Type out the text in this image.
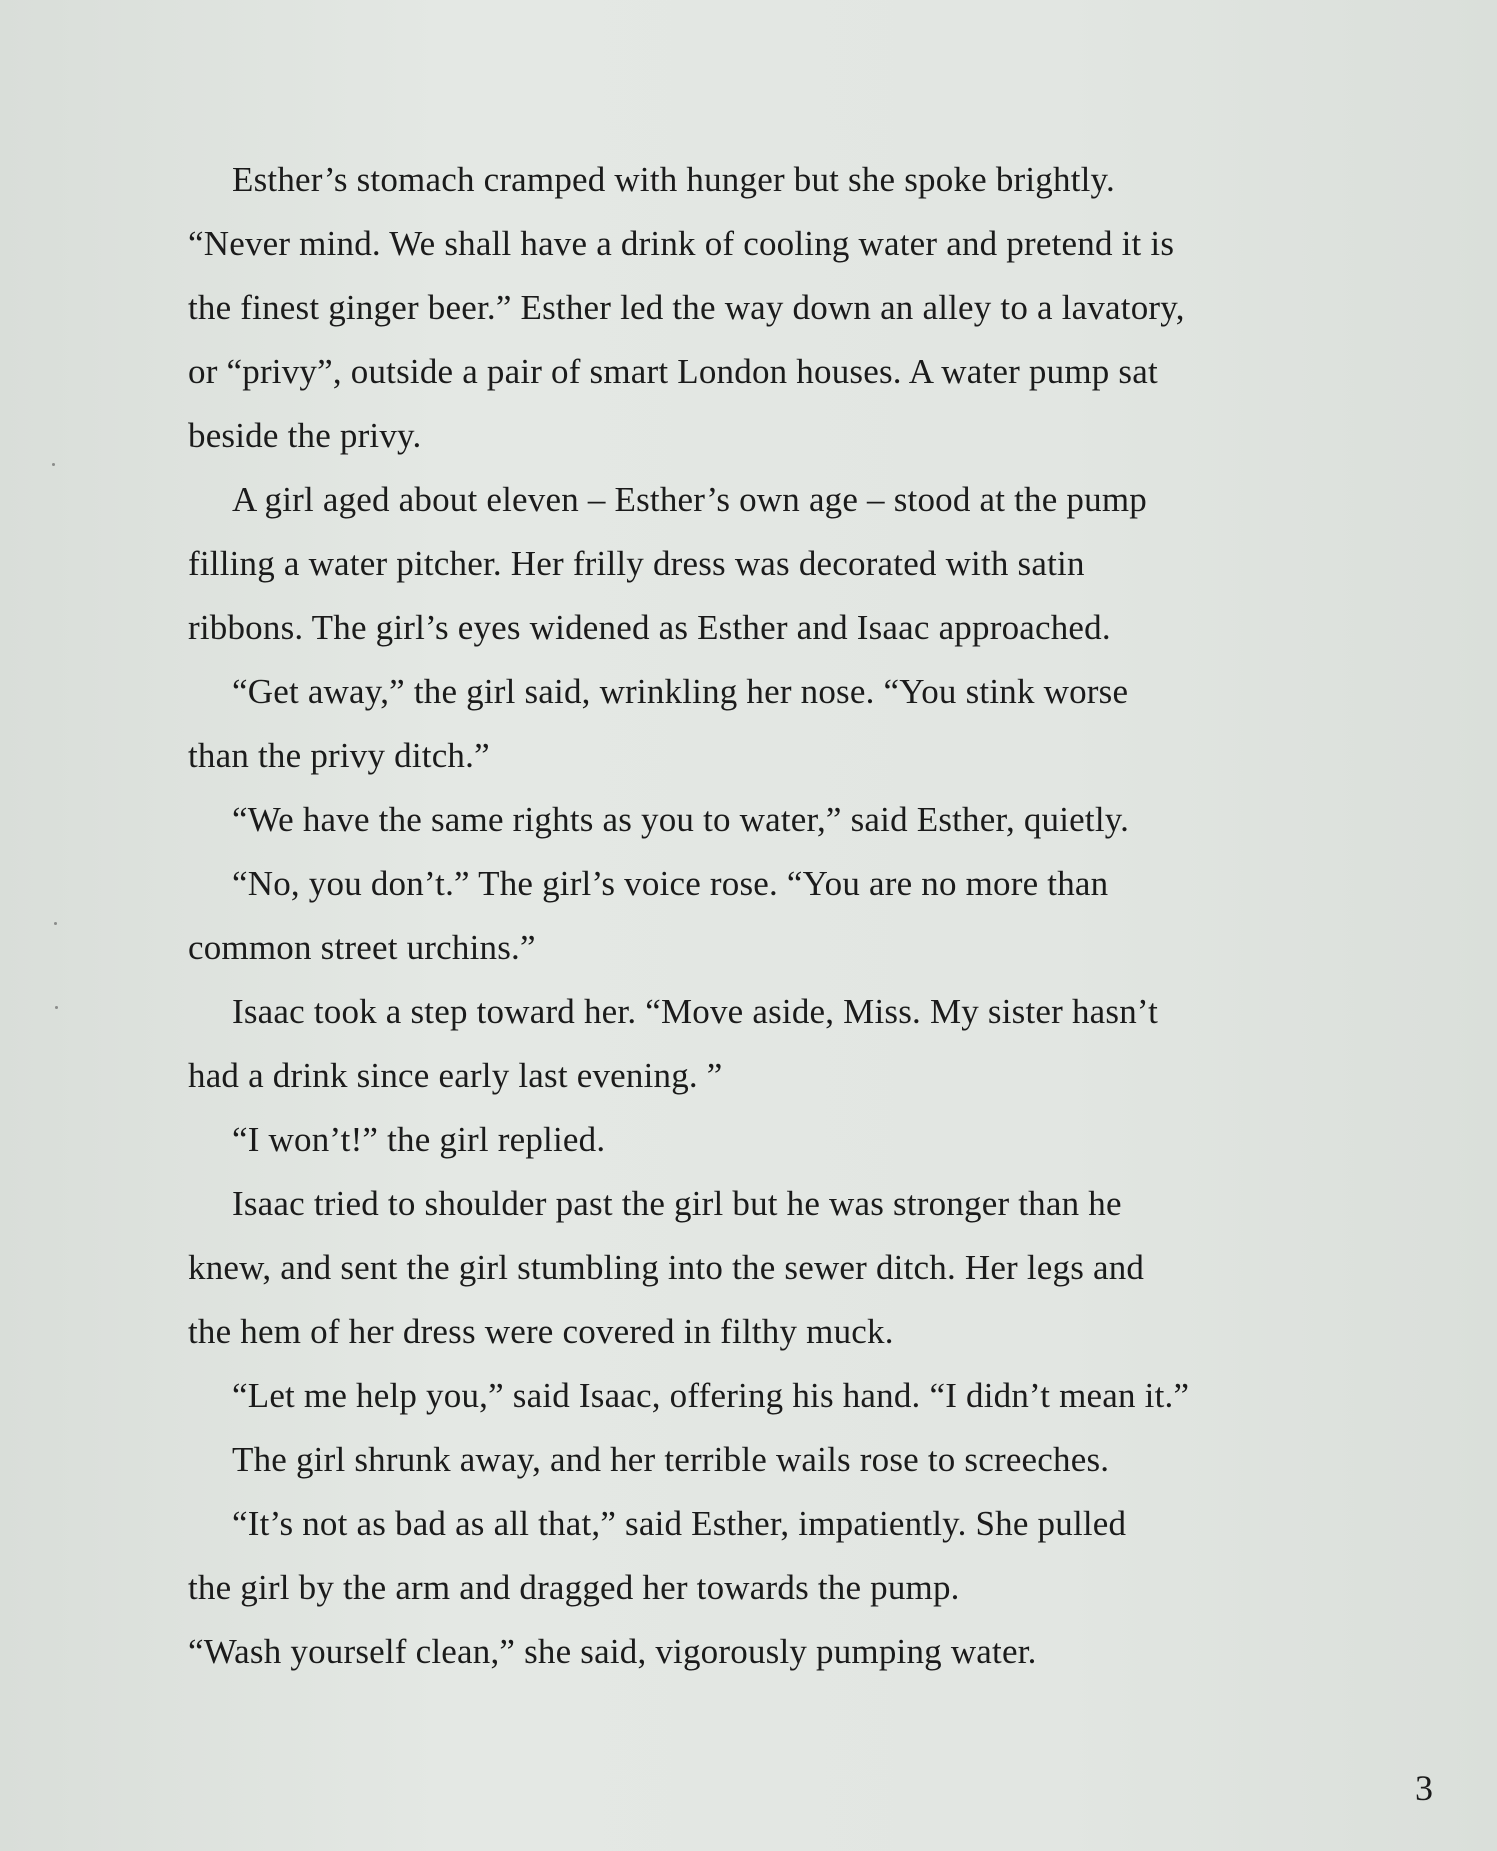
Esther’s stomach cramped with hunger but she spoke brightly.
“Never mind. We shall have a drink of cooling water and pretend it is
the finest ginger beer.” Esther led the way down an alley to a lavatory,
or “privy”, outside a pair of smart London houses. A water pump sat
beside the privy.
A girl aged about eleven – Esther’s own age – stood at the pump
filling a water pitcher. Her frilly dress was decorated with satin
ribbons. The girl’s eyes widened as Esther and Isaac approached.
“Get away,” the girl said, wrinkling her nose. “You stink worse
than the privy ditch.”
“We have the same rights as you to water,” said Esther, quietly.
“No, you don’t.” The girl’s voice rose. “You are no more than
common street urchins.”
Isaac took a step toward her. “Move aside, Miss. My sister hasn’t
had a drink since early last evening. ”
“I won’t!” the girl replied.
Isaac tried to shoulder past the girl but he was stronger than he
knew, and sent the girl stumbling into the sewer ditch. Her legs and
the hem of her dress were covered in filthy muck.
“Let me help you,” said Isaac, offering his hand. “I didn’t mean it.”
The girl shrunk away, and her terrible wails rose to screeches.
“It’s not as bad as all that,” said Esther, impatiently. She pulled
the girl by the arm and dragged her towards the pump.
“Wash yourself clean,” she said, vigorously pumping water.
3
